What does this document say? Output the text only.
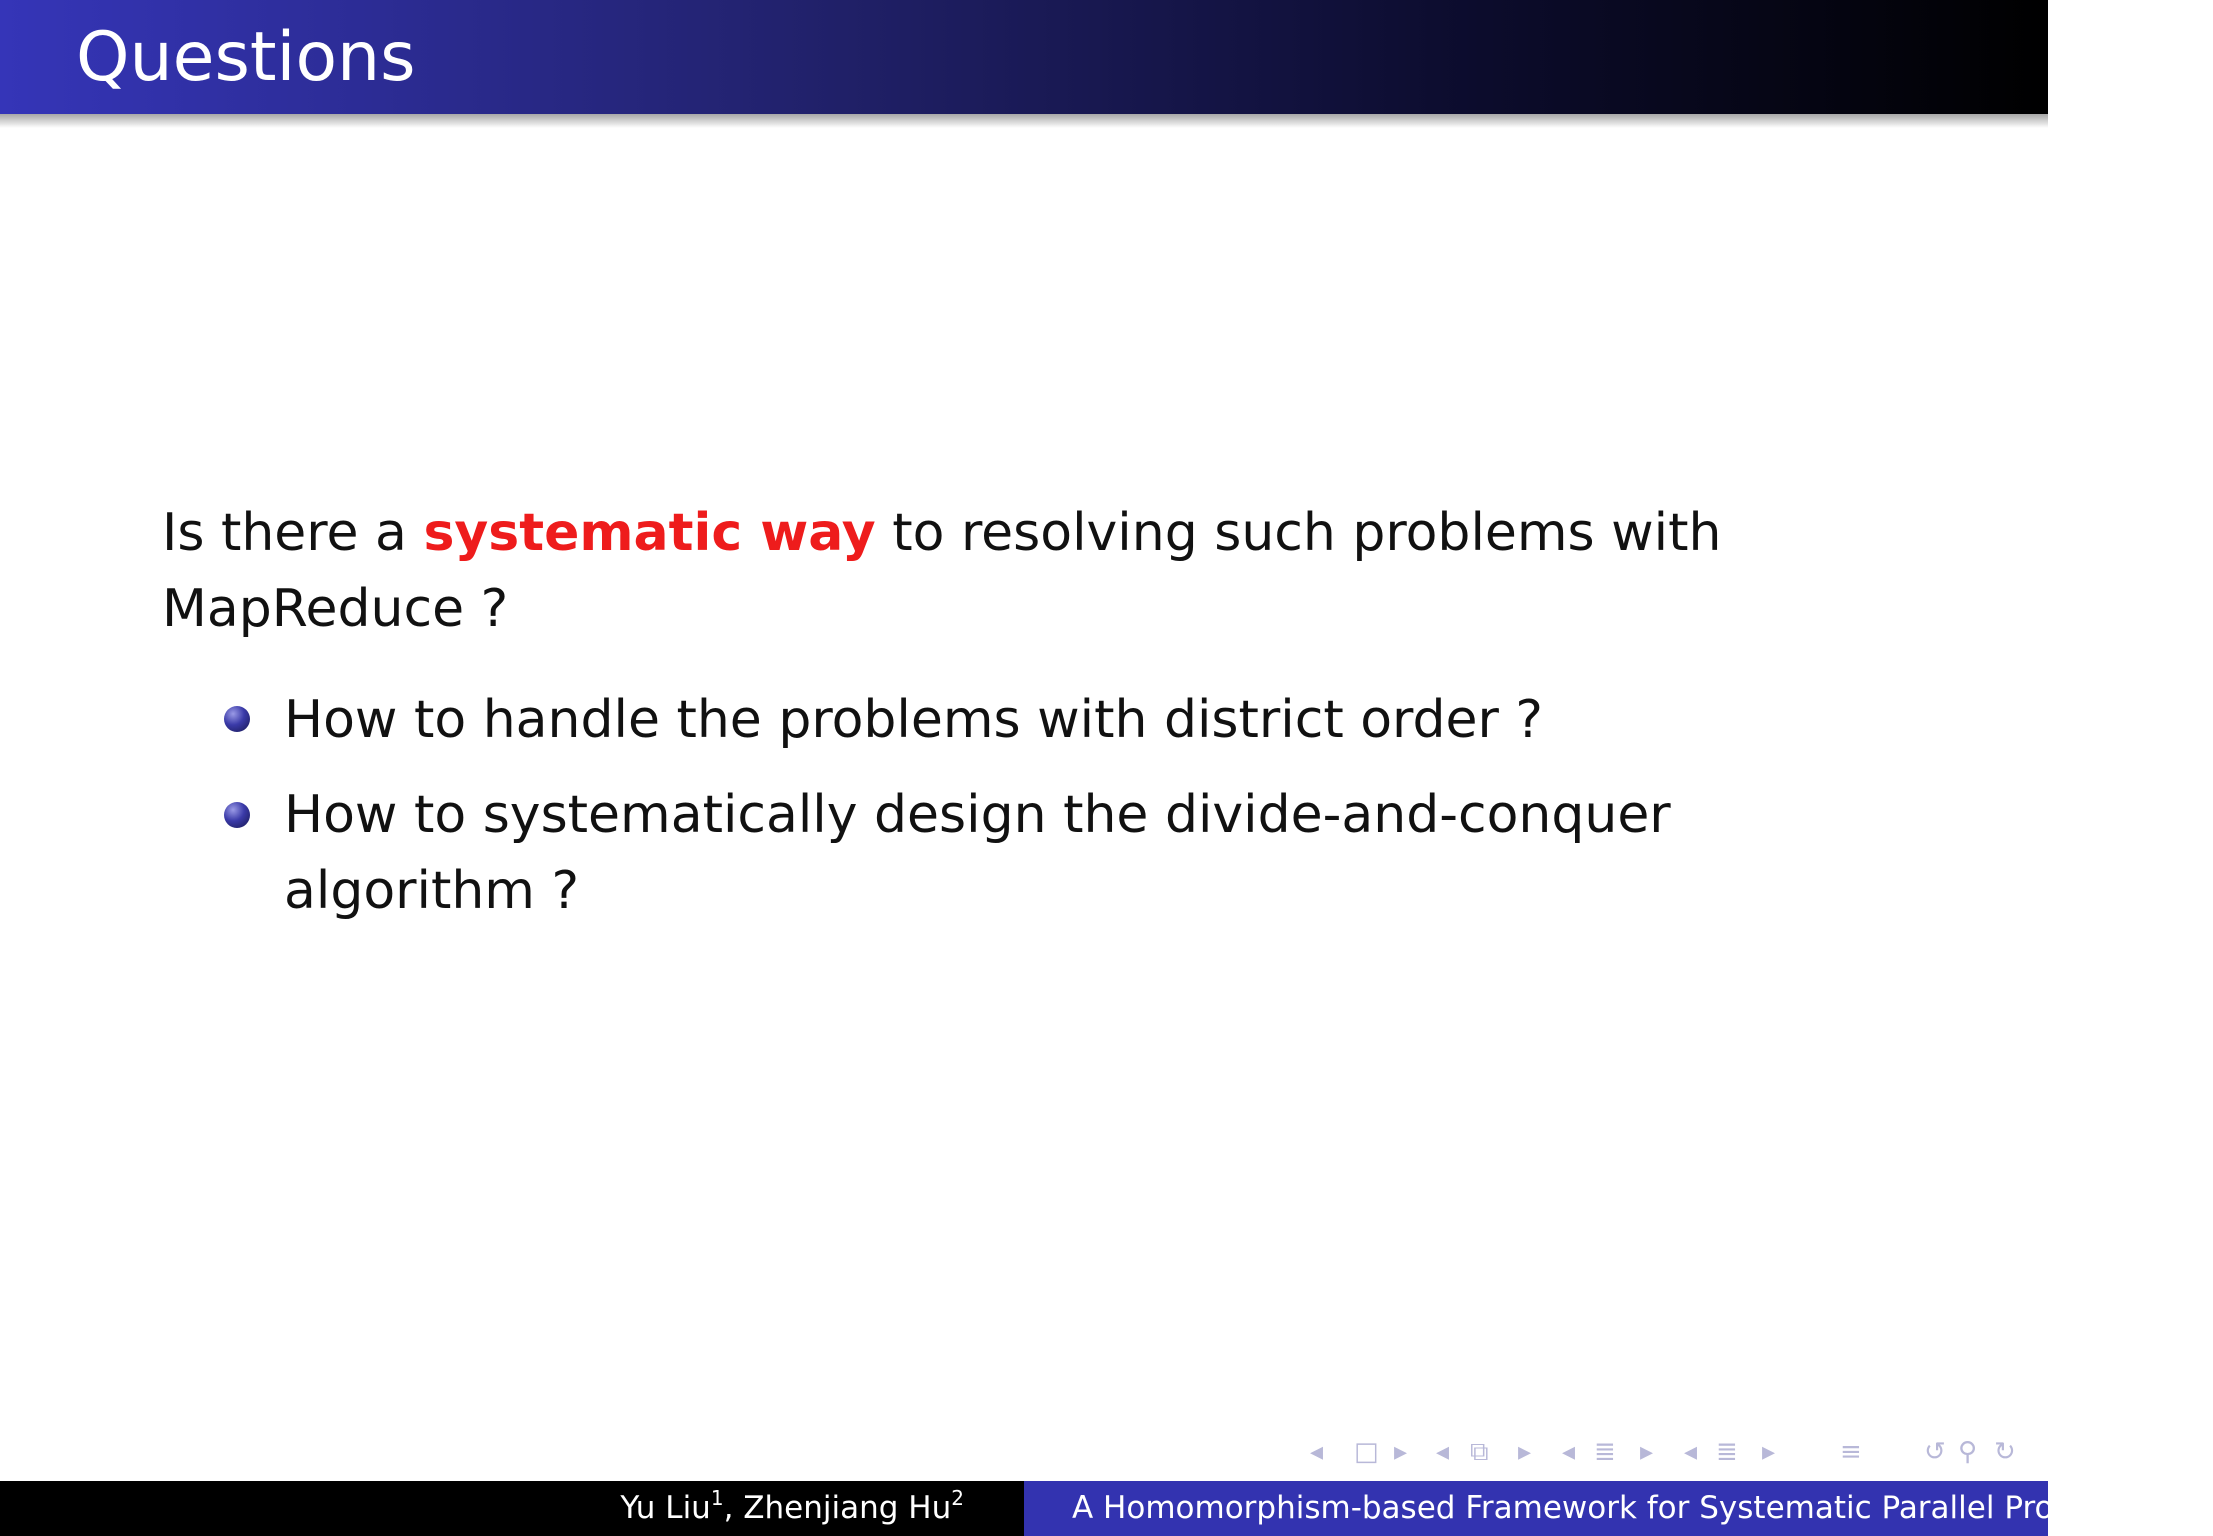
Questions
Is there a systematic way to resolving such problems with MapReduce ?
How to handle the problems with district order ?
How to systematically design the divide-and-conquer algorithm ?
◂ □ ▸ ◂ ⧉ ▸ ◂ ≣ ▸ ◂ ≣ ▸ ≡ ↺ ⚲ ↻
Yu Liu$^1$, Zhenjiang Hu$^2$	A Homomorphism-based Framework for Systematic Parallel Programming
